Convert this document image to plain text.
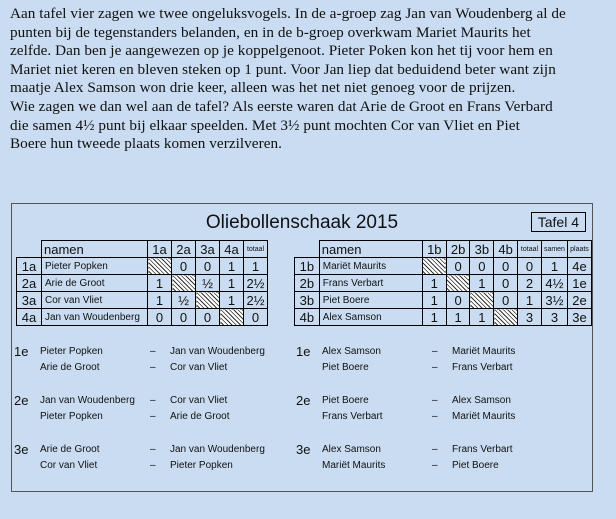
Aan tafel vier zagen we twee ongeluksvogels. In de a-groep zag Jan van Woudenberg al de

punten bij de tegenstanders belanden, en in de b-groep overkwam Mariet Maurits het

zelfde. Dan ben je aangewezen op je koppelgenoot. Pieter Poken kon het tij voor hem en

Mariet niet keren en bleven steken op 1 punt. Voor Jan liep dat beduidend beter want zijn

maatje Alex Samson won drie keer, alleen was het net niet genoeg voor de prijzen.

Wie zagen we dan wel aan de tafel? Als eerste waren dat Arie de Groot en Frans Verbard

die samen 4½ punt bij elkaar speelden. Met 3½ punt mochten Cor van Vliet en Piet

Boere hun tweede plaats komen verzilveren.

Oliebollenschaak 2015	Tafel 4
	namen	1a	2a	3a	4a	totaal
1a	Pieter Popken		0	0	1	1
2a	Arie de Groot	1		½	1	2½
3a	Cor van Vliet	1	½		1	2½
4a	Jan van Woudenberg	0	0	0		0
	namen	1b	2b	3b	4b	totaal	samen	plaats
1b	Mariët Maurits		0	0	0	0	1	4e
2b	Frans Verbart	1		1	0	2	4½	1e
3b	Piet Boere	1	0		0	1	3½	2e
4b	Alex Samson	1	1	1		3	3	3e
1e Pieter Popken	– Jan van Woudenberg
Arie de Groot	– Cor van Vliet
2e Jan van Woudenberg – Cor van Vliet
Pieter Popken	– Arie de Groot
3e Arie de Groot	– Jan van Woudenberg
Cor van Vliet	– Pieter Popken
1e Alex Samson	– Mariët Maurits
Piet Boere	– Frans Verbart
2e Piet Boere	– Alex Samson
Frans Verbart	– Mariët Maurits
3e Alex Samson	– Frans Verbart
Mariët Maurits	– Piet Boere
